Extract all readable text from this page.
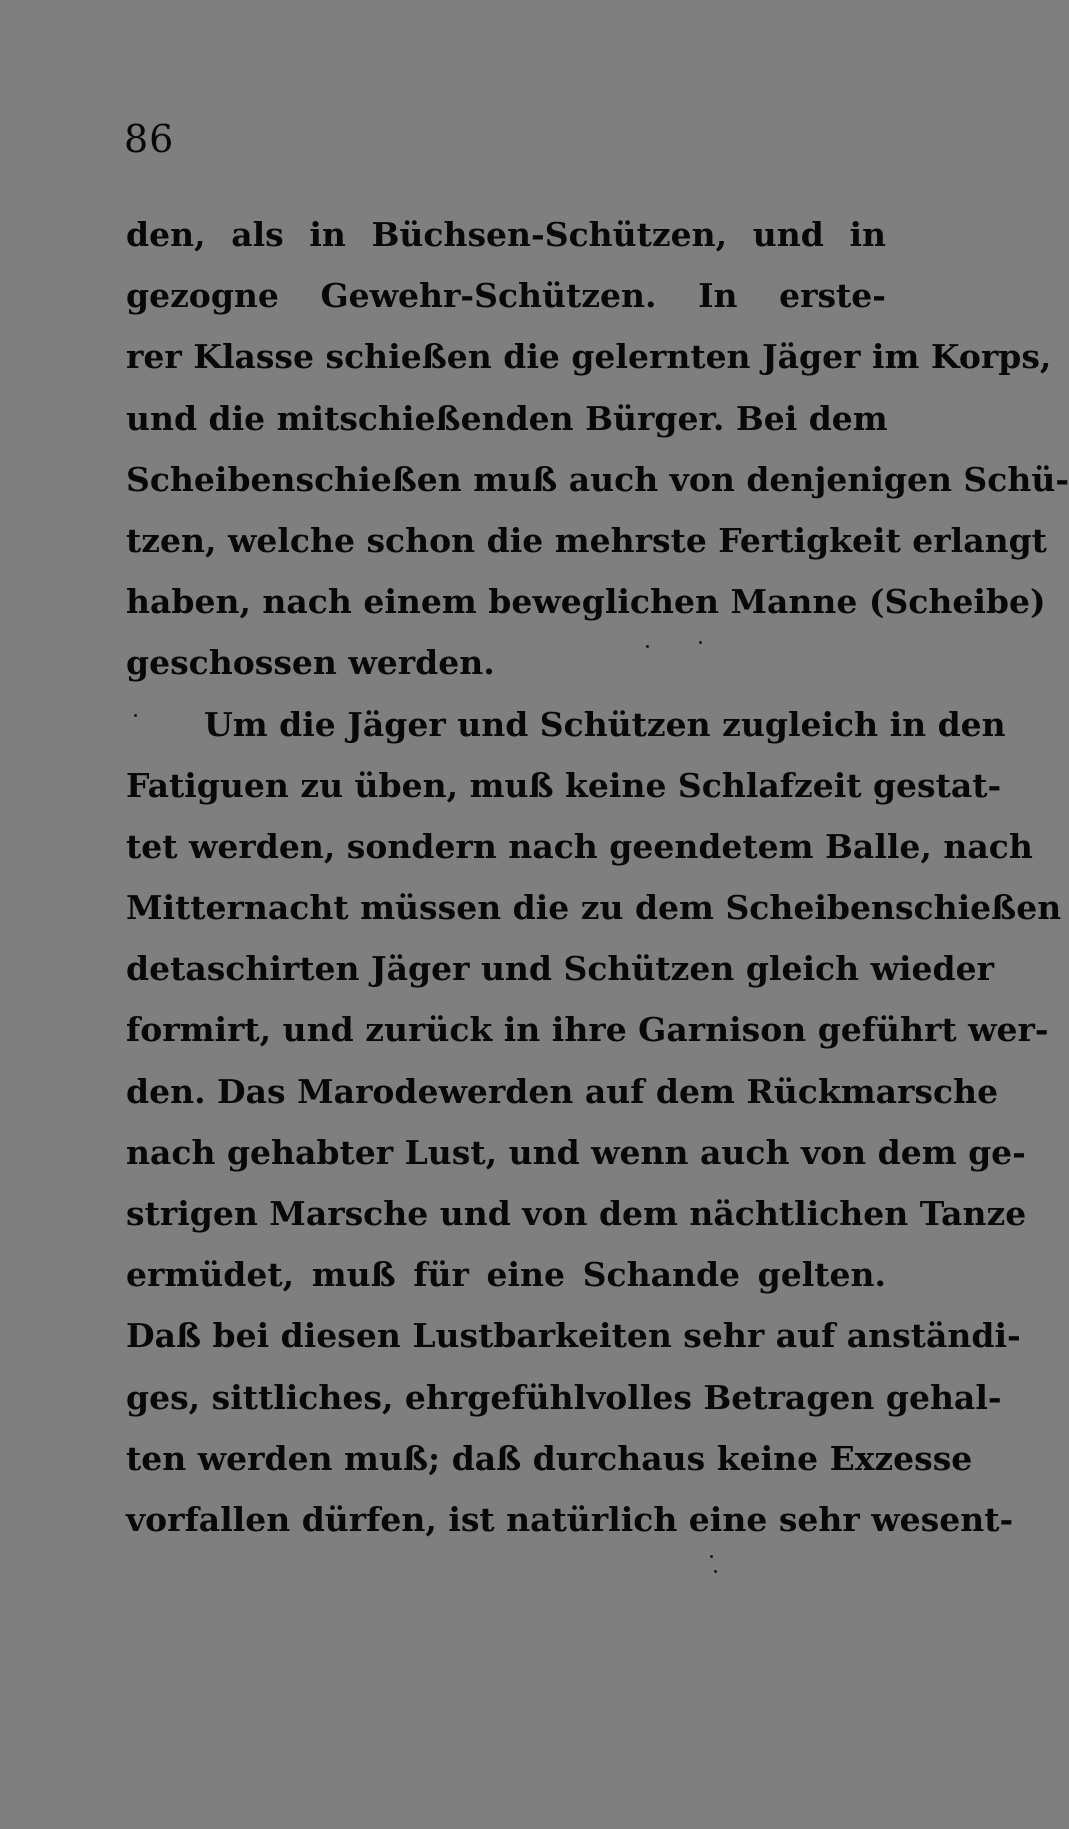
86
den, als in Büchsen-Schützen, und in
gezogne Gewehr-Schützen. In erste-
rer Klasse schießen die gelernten Jäger im Korps,
und die mitschießenden Bürger. Bei dem
Scheibenschießen muß auch von denjenigen Schü-
tzen, welche schon die mehrste Fertigkeit erlangt
haben, nach einem beweglichen Manne (Scheibe)
geschossen werden.
Um die Jäger und Schützen zugleich in den
Fatiguen zu üben, muß keine Schlafzeit gestat-
tet werden, sondern nach geendetem Balle, nach
Mitternacht müssen die zu dem Scheibenschießen
detaschirten Jäger und Schützen gleich wieder
formirt, und zurück in ihre Garnison geführt wer-
den. Das Marodewerden auf dem Rückmarsche
nach gehabter Lust, und wenn auch von dem ge-
strigen Marsche und von dem nächtlichen Tanze
ermüdet, muß für eine Schande gelten.
Daß bei diesen Lustbarkeiten sehr auf anständi-
ges, sittliches, ehrgefühlvolles Betragen gehal-
ten werden muß; daß durchaus keine Exzesse
vorfallen dürfen, ist natürlich eine sehr wesent-
